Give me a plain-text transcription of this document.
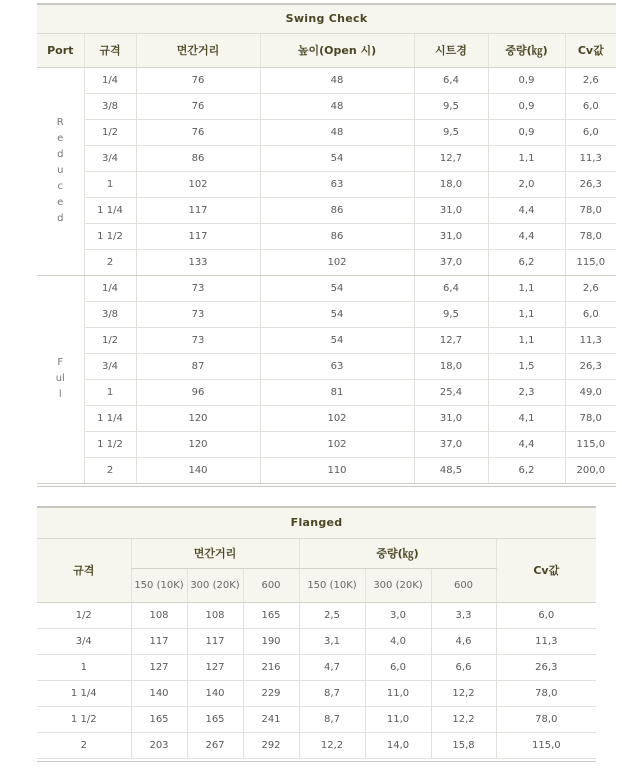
Swing Check						
Port	규격	면간거리	높이(Open 시)	시트경	중량(㎏)	Cv값

Reduced	1/4	76	48	6,4	0,9	2,6
	3/8	76	48	9,5	0,9	6,0
	1/2	76	48	9,5	0,9	6,0
	3/4	86	54	12,7	1,1	11,3
	1	102	63	18,0	2,0	26,3
	1 1/4	117	86	31,0	4,4	78,0
	1 1/2	117	86	31,0	4,4	78,0
	2	133	102	37,0	6,2	115,0

Full	1/4	73	54	6,4	1,1	2,6
	3/8	73	54	9,5	1,1	6,0
	1/2	73	54	12,7	1,1	11,3
	3/4	87	63	18,0	1,5	26,3
	1	96	81	25,4	2,3	49,0
	1 1/4	120	102	31,0	4,1	78,0
	1 1/2	120	102	37,0	4,4	115,0
	2	140	110	48,5	6,2	200,0

Flanged							
규격	면간거리			중량(㎏)			Cv값
	150 (10K)	300 (20K)	600	150 (10K)	300 (20K)	600	
1/2	108	108	165	2,5	3,0	3,3	6,0
3/4	117	117	190	3,1	4,0	4,6	11,3
1	127	127	216	4,7	6,0	6,6	26,3
1 1/4	140	140	229	8,7	11,0	12,2	78,0
1 1/2	165	165	241	8,7	11,0	12,2	78,0
2	203	267	292	12,2	14,0	15,8	115,0
